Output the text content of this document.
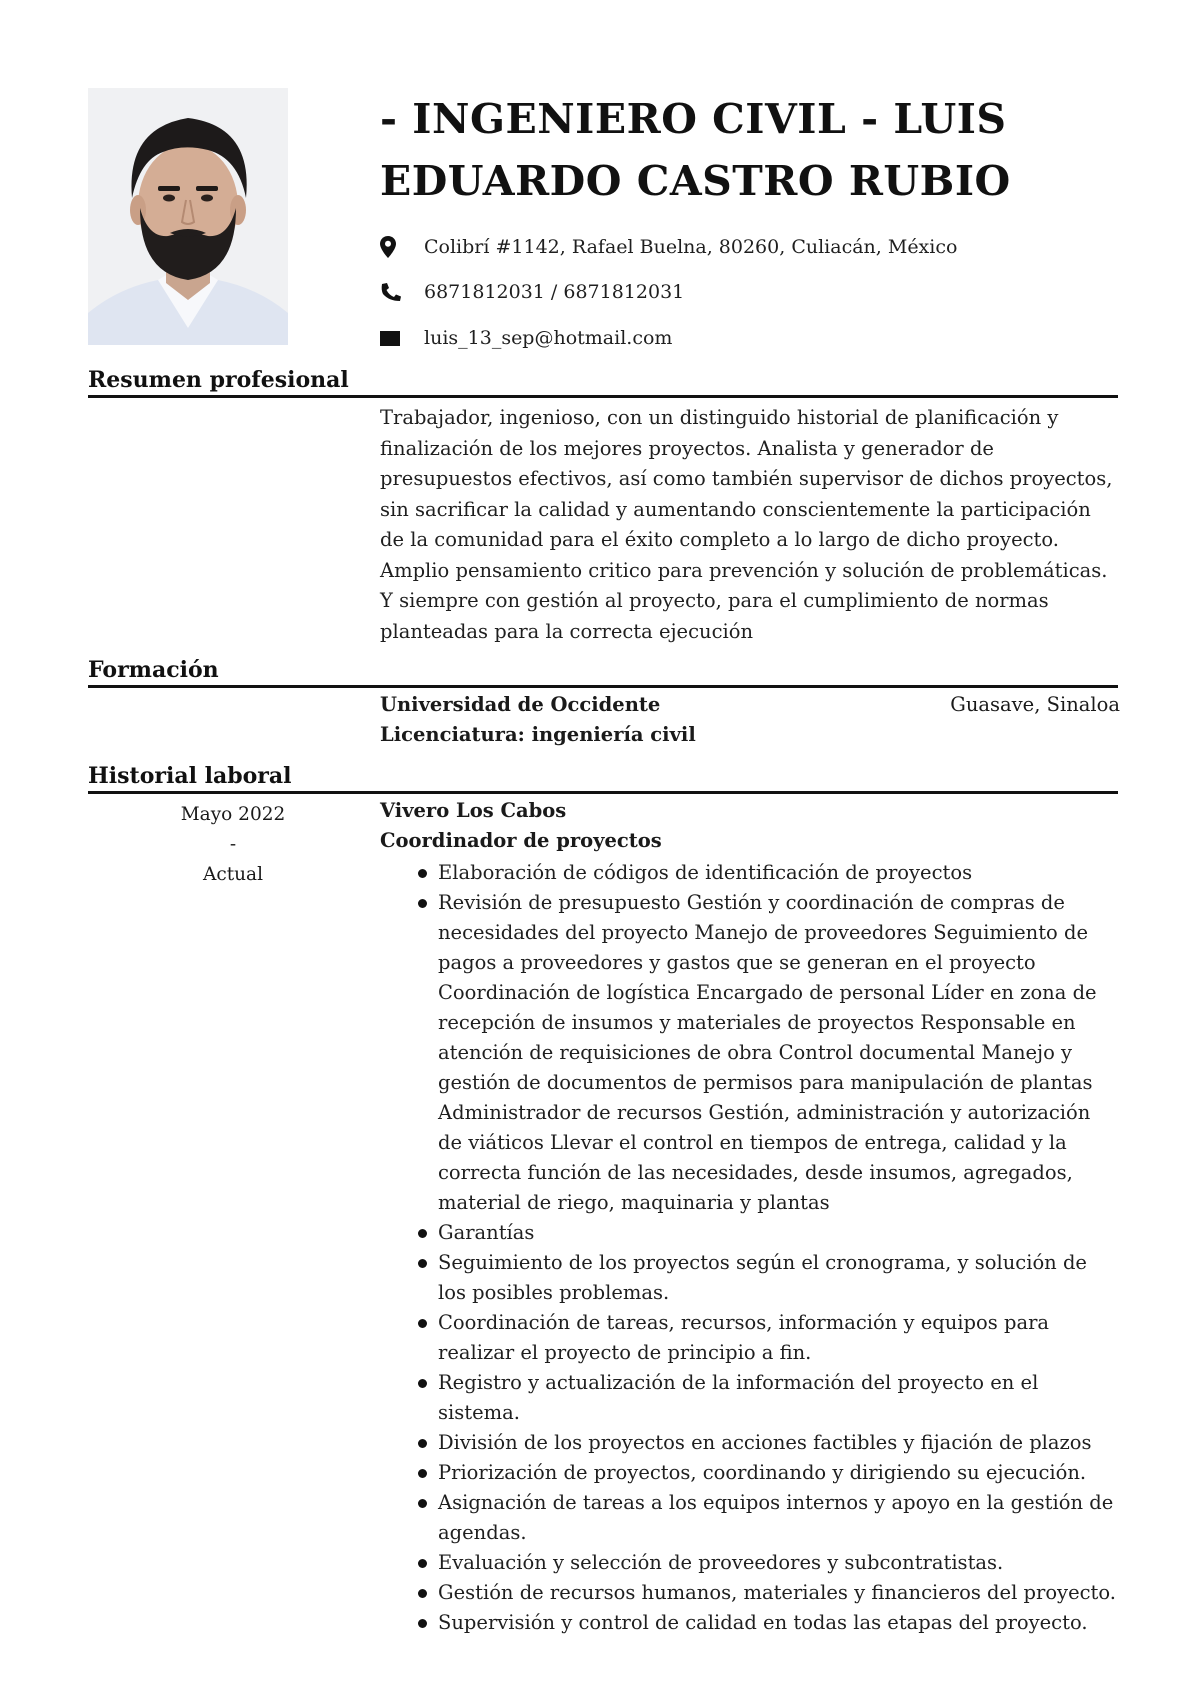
- INGENIERO CIVIL - LUIS
EDUARDO CASTRO RUBIO
Colibrí #1142, Rafael Buelna, 80260, Culiacán, México
6871812031 / 6871812031
luis_13_sep@hotmail.com
Resumen profesional
Trabajador, ingenioso, con un distinguido historial de planificación y finalización de los mejores proyectos. Analista y generador de presupuestos efectivos, así como también supervisor de dichos proyectos, sin sacrificar la calidad y aumentando conscientemente la participación de la comunidad para el éxito completo a lo largo de dicho proyecto. Amplio pensamiento critico para prevención y solución de problemáticas. Y siempre con gestión al proyecto, para el cumplimiento de normas planteadas para la correcta ejecución
Formación
Universidad de Occidente	Guasave, Sinaloa
Licenciatura: ingeniería civil
Historial laboral
Mayo 2022
-
Actual
Vivero Los Cabos
Coordinador de proyectos
Elaboración de códigos de identificación de proyectos
Revisión de presupuesto Gestión y coordinación de compras de necesidades del proyecto Manejo de proveedores Seguimiento de pagos a proveedores y gastos que se generan en el proyecto Coordinación de logística Encargado de personal Líder en zona de recepción de insumos y materiales de proyectos Responsable en atención de requisiciones de obra Control documental Manejo y gestión de documentos de permisos para manipulación de plantas Administrador de recursos Gestión, administración y autorización de viáticos Llevar el control en tiempos de entrega, calidad y la correcta función de las necesidades, desde insumos, agregados, material de riego, maquinaria y plantas
Garantías
Seguimiento de los proyectos según el cronograma, y solución de los posibles problemas.
Coordinación de tareas, recursos, información y equipos para realizar el proyecto de principio a fin.
Registro y actualización de la información del proyecto en el sistema.
División de los proyectos en acciones factibles y fijación de plazos
Priorización de proyectos, coordinando y dirigiendo su ejecución.
Asignación de tareas a los equipos internos y apoyo en la gestión de agendas.
Evaluación y selección de proveedores y subcontratistas.
Gestión de recursos humanos, materiales y financieros del proyecto.
Supervisión y control de calidad en todas las etapas del proyecto.
